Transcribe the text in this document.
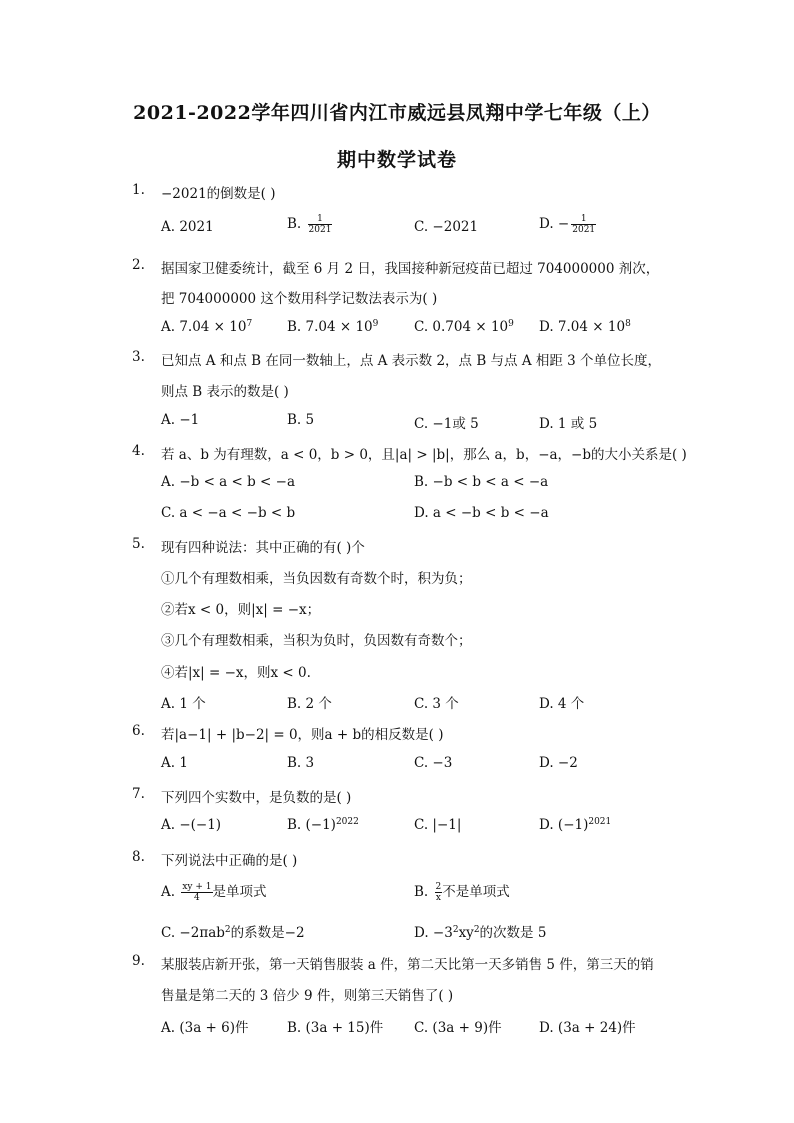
2021-2022学年四川省内江市威远县凤翔中学七年级（上）
期中数学试卷
1. −2021的倒数是( )
A. 2021	B. $\frac{1}{2021}$	C. −2021	D. − $\frac{1}{2021}$
2. 据国家卫健委统计，截至 6 月 2 日，我国接种新冠疫苗已超过 704000000 剂次，
把 704000000 这个数用科学记数法表示为( )
A. $7.04 \times 10^7$	B. $7.04 \times 10^9$	C. $0.704 \times 10^9$ D. $7.04 \times 10^8$
3. 已知点 A 和点 B 在同一数轴上，点 A 表示数 2，点 B 与点 A 相距 3 个单位长度，
则点 B 表示的数是( )
A. −1	B. 5	C. −1或 5	D. 1 或 5
4. 若 a、b 为有理数，a < 0，b > 0，且|a| > |b|，那么 a，b，−a，−b的大小关系是( )
A. −b < a < b < −a	B. −b < b < a < −a
C. a < −a < −b < b	D. a < −b < b < −a
5. 现有四种说法：其中正确的有( )个
①几个有理数相乘，当负因数有奇数个时，积为负；
②若x < 0，则|x| = −x；
③几个有理数相乘，当积为负时，负因数有奇数个；
④若|x| = −x，则x < 0.
A. 1 个	B. 2 个	C. 3 个	D. 4 个
6. 若|a−1| + |b−2| = 0，则a + b的相反数是( )
A. 1	B. 3	C. −3	D. −2
7. 下列四个实数中，是负数的是( )
A. −(−1)	B. $(-1)^{2022}$	C. |−1|	D. $(-1)^{2021}$
8. 下列说法中正确的是( )
A. $\frac{xy + 1}{4}$ 是单项式	B. $\frac{2}{x}$ 不是单项式
C. −2πab$^2$的系数是−2	D. $-3^2xy^2$的次数是 5
9. 某服装店新开张，第一天销售服装 a 件，第二天比第一天多销售 5 件，第三天的销
售量是第二天的 3 倍少 9 件，则第三天销售了( )
A. (3a + 6)件	B. (3a + 15)件 C. (3a + 9)件	D. (3a + 24)件
